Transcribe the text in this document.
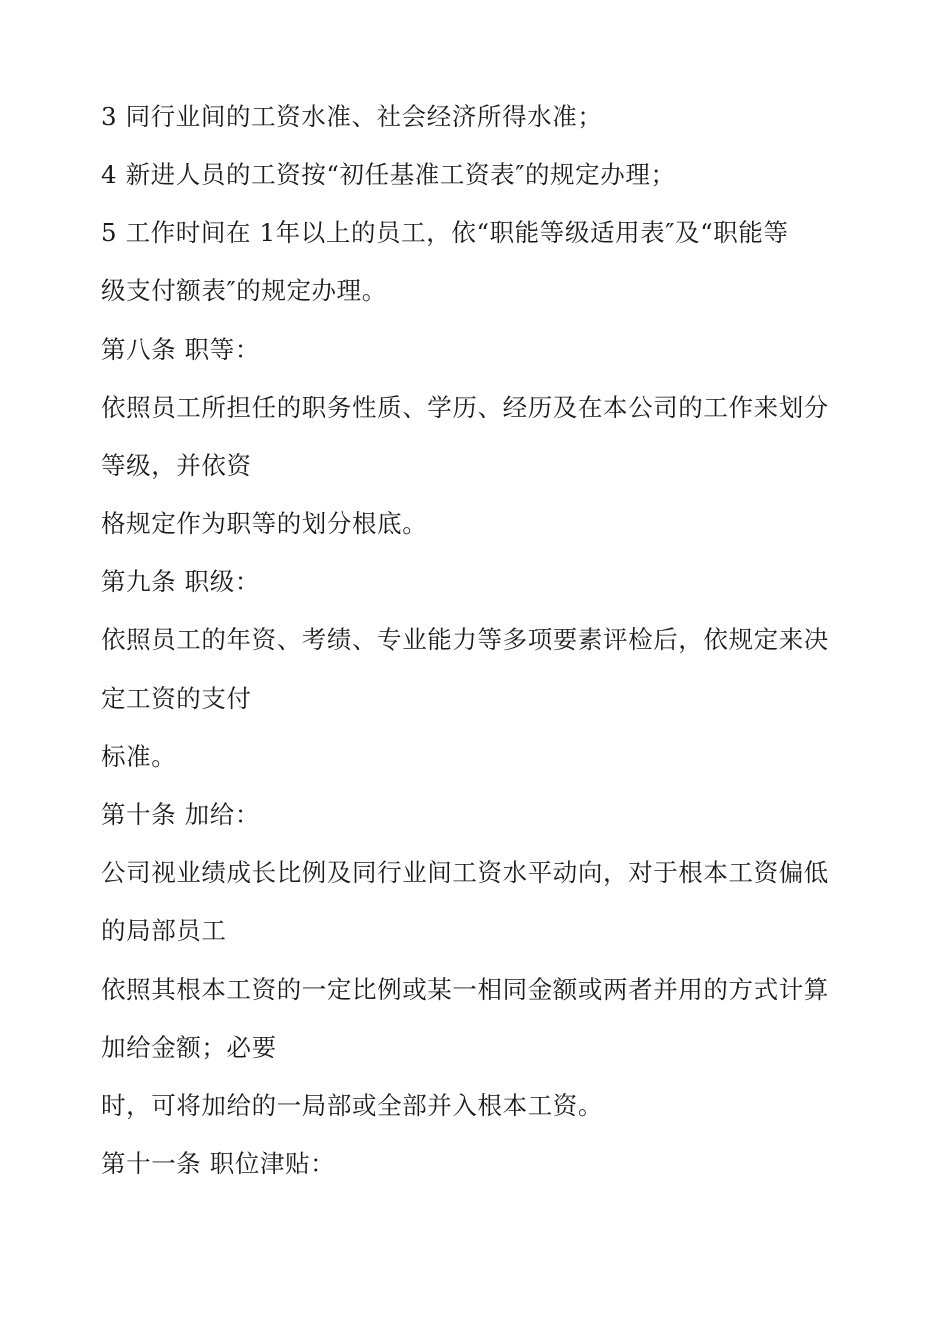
3 同行业间的工资水准、社会经济所得水准；
4 新进人员的工资按“初任基准工资表″的规定办理；
5 工作时间在 1年以上的员工，依“职能等级适用表″及“职能等
级支付额表″的规定办理。
第八条 职等：
依照员工所担任的职务性质、学历、经历及在本公司的工作来划分
等级，并依资
格规定作为职等的划分根底。
第九条 职级：
依照员工的年资、考绩、专业能力等多项要素评检后，依规定来决
定工资的支付
标准。
第十条 加给：
公司视业绩成长比例及同行业间工资水平动向，对于根本工资偏低
的局部员工
依照其根本工资的一定比例或某一相同金额或两者并用的方式计算
加给金额；必要
时，可将加给的一局部或全部并入根本工资。
第十一条 职位津贴：
